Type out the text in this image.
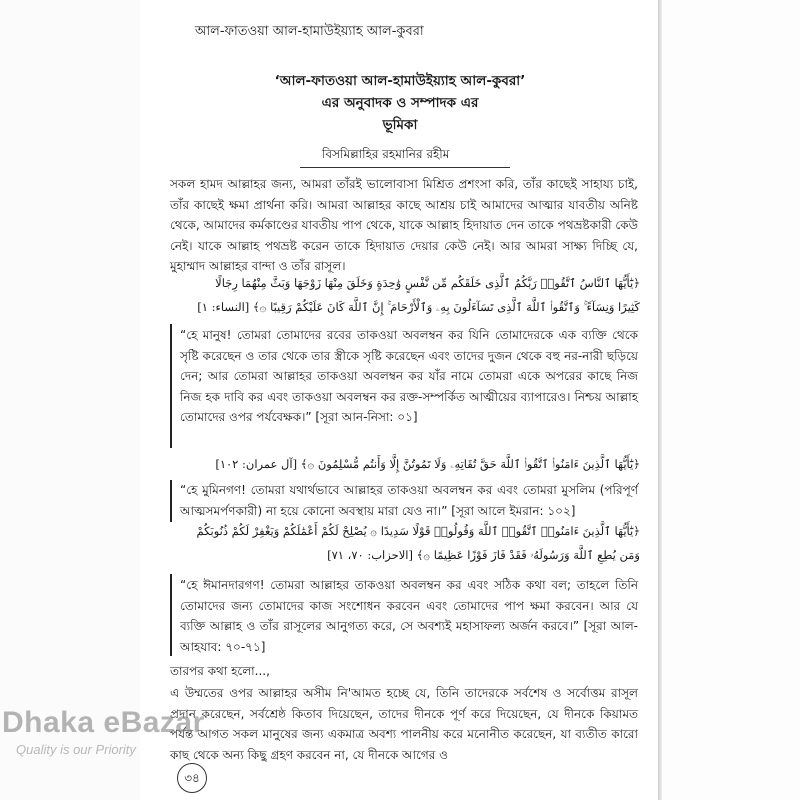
আল-ফাতওয়া আল-হামাউইয়্যাহ আল-কুবরা
‘আল-ফাতওয়া আল-হামাউইয়্যাহ আল-কুবরা’
এর অনুবাদক ও সম্পাদক এর
ভূমিকা
বিসমিল্লাহির রহমানির রহীম
সকল হামদ আল্লাহর জন্য, আমরা তাঁরই ভালোবাসা মিশ্রিত প্রশংসা করি, তাঁর কাছেই সাহায্য চাই, তাঁর কাছেই ক্ষমা প্রার্থনা করি। আমরা আল্লাহর কাছে আশ্রয় চাই আমাদের আত্মার যাবতীয় অনিষ্ট থেকে, আমাদের কর্মকাণ্ডের যাবতীয় পাপ থেকে, যাকে আল্লাহ হিদায়াত দেন তাকে পথভ্রষ্টকারী কেউ নেই। যাকে আল্লাহ পথভ্রষ্ট করেন তাকে হিদায়াত দেয়ার কেউ নেই। আর আমরা সাক্ষ্য দিচ্ছি যে, মুহাম্মাদ আল্লাহর বান্দা ও তাঁর রাসূল।
﴿يَٰٓأَيُّهَا ٱلنَّاسُ ٱتَّقُوا۟ رَبَّكُمُ ٱلَّذِى خَلَقَكُم مِّن نَّفْسٍ وَٰحِدَةٍ وَخَلَقَ مِنْهَا زَوْجَهَا وَبَثَّ مِنْهُمَا رِجَالًا
كَثِيرًا وَنِسَآءً ۚ وَٱتَّقُوا۟ ٱللَّهَ ٱلَّذِى تَسَآءَلُونَ بِهِۦ وَٱلْأَرْحَامَ ۚ إِنَّ ٱللَّهَ كَانَ عَلَيْكُمْ رَقِيبًا ۞﴾ [النساء: ١]
“হে মানুষ! তোমরা তোমাদের রবের তাকওয়া অবলম্বন কর যিনি তোমাদেরকে এক ব্যক্তি থেকে সৃষ্টি করেছেন ও তার থেকে তার স্ত্রীকে সৃষ্টি করেছেন এবং তাদের দুজন থেকে বহু নর-নারী ছড়িয়ে দেন; আর তোমরা আল্লাহর তাকওয়া অবলম্বন কর যাঁর নামে তোমরা একে অপরের কাছে নিজ নিজ হক দাবি কর এবং তাকওয়া অবলম্বন কর রক্ত-সম্পর্কিত আত্মীয়ের ব্যাপারেও। নিশ্চয় আল্লাহ তোমাদের ওপর পর্যবেক্ষক।” [সূরা আন-নিসা: ০১]
﴿يَٰٓأَيُّهَا ٱلَّذِينَ ءَامَنُوا۟ ٱتَّقُوا۟ ٱللَّهَ حَقَّ تُقَاتِهِۦ وَلَا تَمُوتُنَّ إِلَّا وَأَنتُم مُّسْلِمُونَ ۞﴾ [آل عمران: ١٠٢]
“হে মুমিনগণ! তোমরা যথার্থভাবে আল্লাহর তাকওয়া অবলম্বন কর এবং তোমরা মুসলিম (পরিপূর্ণ আত্মসমর্পণকারী) না হয়ে কোনো অবস্থায় মারা যেও না।” [সূরা আলে ইমরান: ১০২]
﴿يَٰٓأَيُّهَا ٱلَّذِينَ ءَامَنُوا۟ ٱتَّقُوا۟ ٱللَّهَ وَقُولُوا۟ قَوْلًا سَدِيدًا ۞ يُصْلِحْ لَكُمْ أَعْمَٰلَكُمْ وَيَغْفِرْ لَكُمْ ذُنُوبَكُمْ
وَمَن يُطِعِ ٱللَّهَ وَرَسُولَهُۥ فَقَدْ فَازَ فَوْزًا عَظِيمًا ۞﴾ [الاحزاب: ٧٠، ٧١]
“হে ঈমানদারগণ! তোমরা আল্লাহর তাকওয়া অবলম্বন কর এবং সঠিক কথা বল; তাহলে তিনি তোমাদের জন্য তোমাদের কাজ সংশোধন করবেন এবং তোমাদের পাপ ক্ষমা করবেন। আর যে ব্যক্তি আল্লাহ ও তাঁর রাসূলের আনুগত্য করে, সে অবশ্যই মহাসাফল্য অর্জন করবে।” [সূরা আল-আহযাব: ৭০-৭১]
তারপর কথা হলো...,
এ উম্মতের ওপর আল্লাহর অসীম নি'আমত হচ্ছে যে, তিনি তাদেরকে সর্বশেষ ও সর্বোত্তম রাসূল প্রদান করেছেন, সর্বশ্রেষ্ঠ কিতাব দিয়েছেন, তাদের দীনকে পূর্ণ করে দিয়েছেন, যে দীনকে কিয়ামত পর্যন্ত আগত সকল মানুষের জন্য একমাত্র অবশ্য পালনীয় করে মনোনীত করেছেন, যা ব্যতীত কারো কাছ থেকে অন্য কিছু গ্রহণ করবেন না, যে দীনকে আগের ও
৩৪
Dhaka eBazar
Quality is our Priority
